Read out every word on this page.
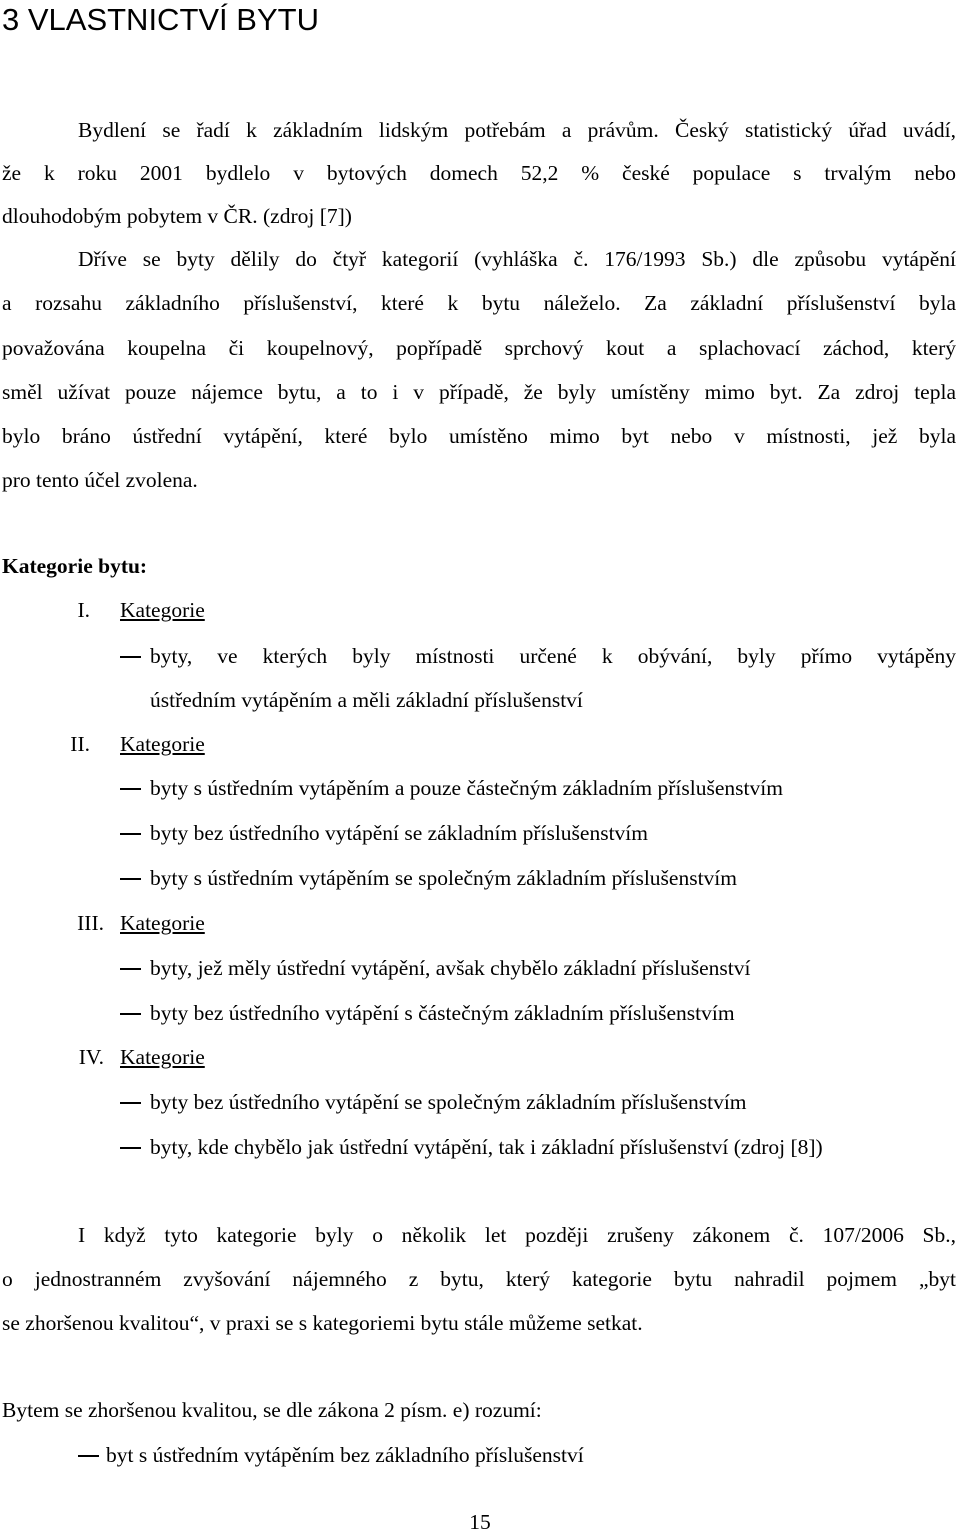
3 VLASTNICTVÍ BYTU
Bydlení se řadí k základním lidským potřebám a právům. Český statistický úřad uvádí,
že k roku 2001 bydlelo v bytových domech 52,2 % české populace s trvalým nebo
dlouhodobým pobytem v ČR. (zdroj [7])
Dříve se byty dělily do čtyř kategorií (vyhláška č. 176/1993 Sb.) dle způsobu vytápění
a rozsahu základního příslušenství, které k bytu náleželo. Za základní příslušenství byla
považována koupelna či koupelnový, popřípadě sprchový kout a splachovací záchod, který
směl užívat pouze nájemce bytu, a to i v případě, že byly umístěny mimo byt. Za zdroj tepla
bylo bráno ústřední vytápění, které bylo umístěno mimo byt nebo v místnosti, jež byla
pro tento účel zvolena.
Kategorie bytu:
I. Kategorie
byty, ve kterých byly místnosti určené k obývání, byly přímo vytápěny
ústředním vytápěním a měli základní příslušenství
II. Kategorie
byty s ústředním vytápěním a pouze částečným základním příslušenstvím
byty bez ústředního vytápění se základním příslušenstvím
byty s ústředním vytápěním se společným základním příslušenstvím
III. Kategorie
byty, jež měly ústřední vytápění, avšak chybělo základní příslušenství
byty bez ústředního vytápění s částečným základním příslušenstvím
IV. Kategorie
byty bez ústředního vytápění se společným základním příslušenstvím
byty, kde chybělo jak ústřední vytápění, tak i základní příslušenství (zdroj [8])
I když tyto kategorie byly o několik let později zrušeny zákonem č. 107/2006 Sb.,
o jednostranném zvyšování nájemného z bytu, který kategorie bytu nahradil pojmem „byt
se zhoršenou kvalitou“, v praxi se s kategoriemi bytu stále můžeme setkat.
Bytem se zhoršenou kvalitou, se dle zákona 2 písm. e) rozumí:
byt s ústředním vytápěním bez základního příslušenství
15
